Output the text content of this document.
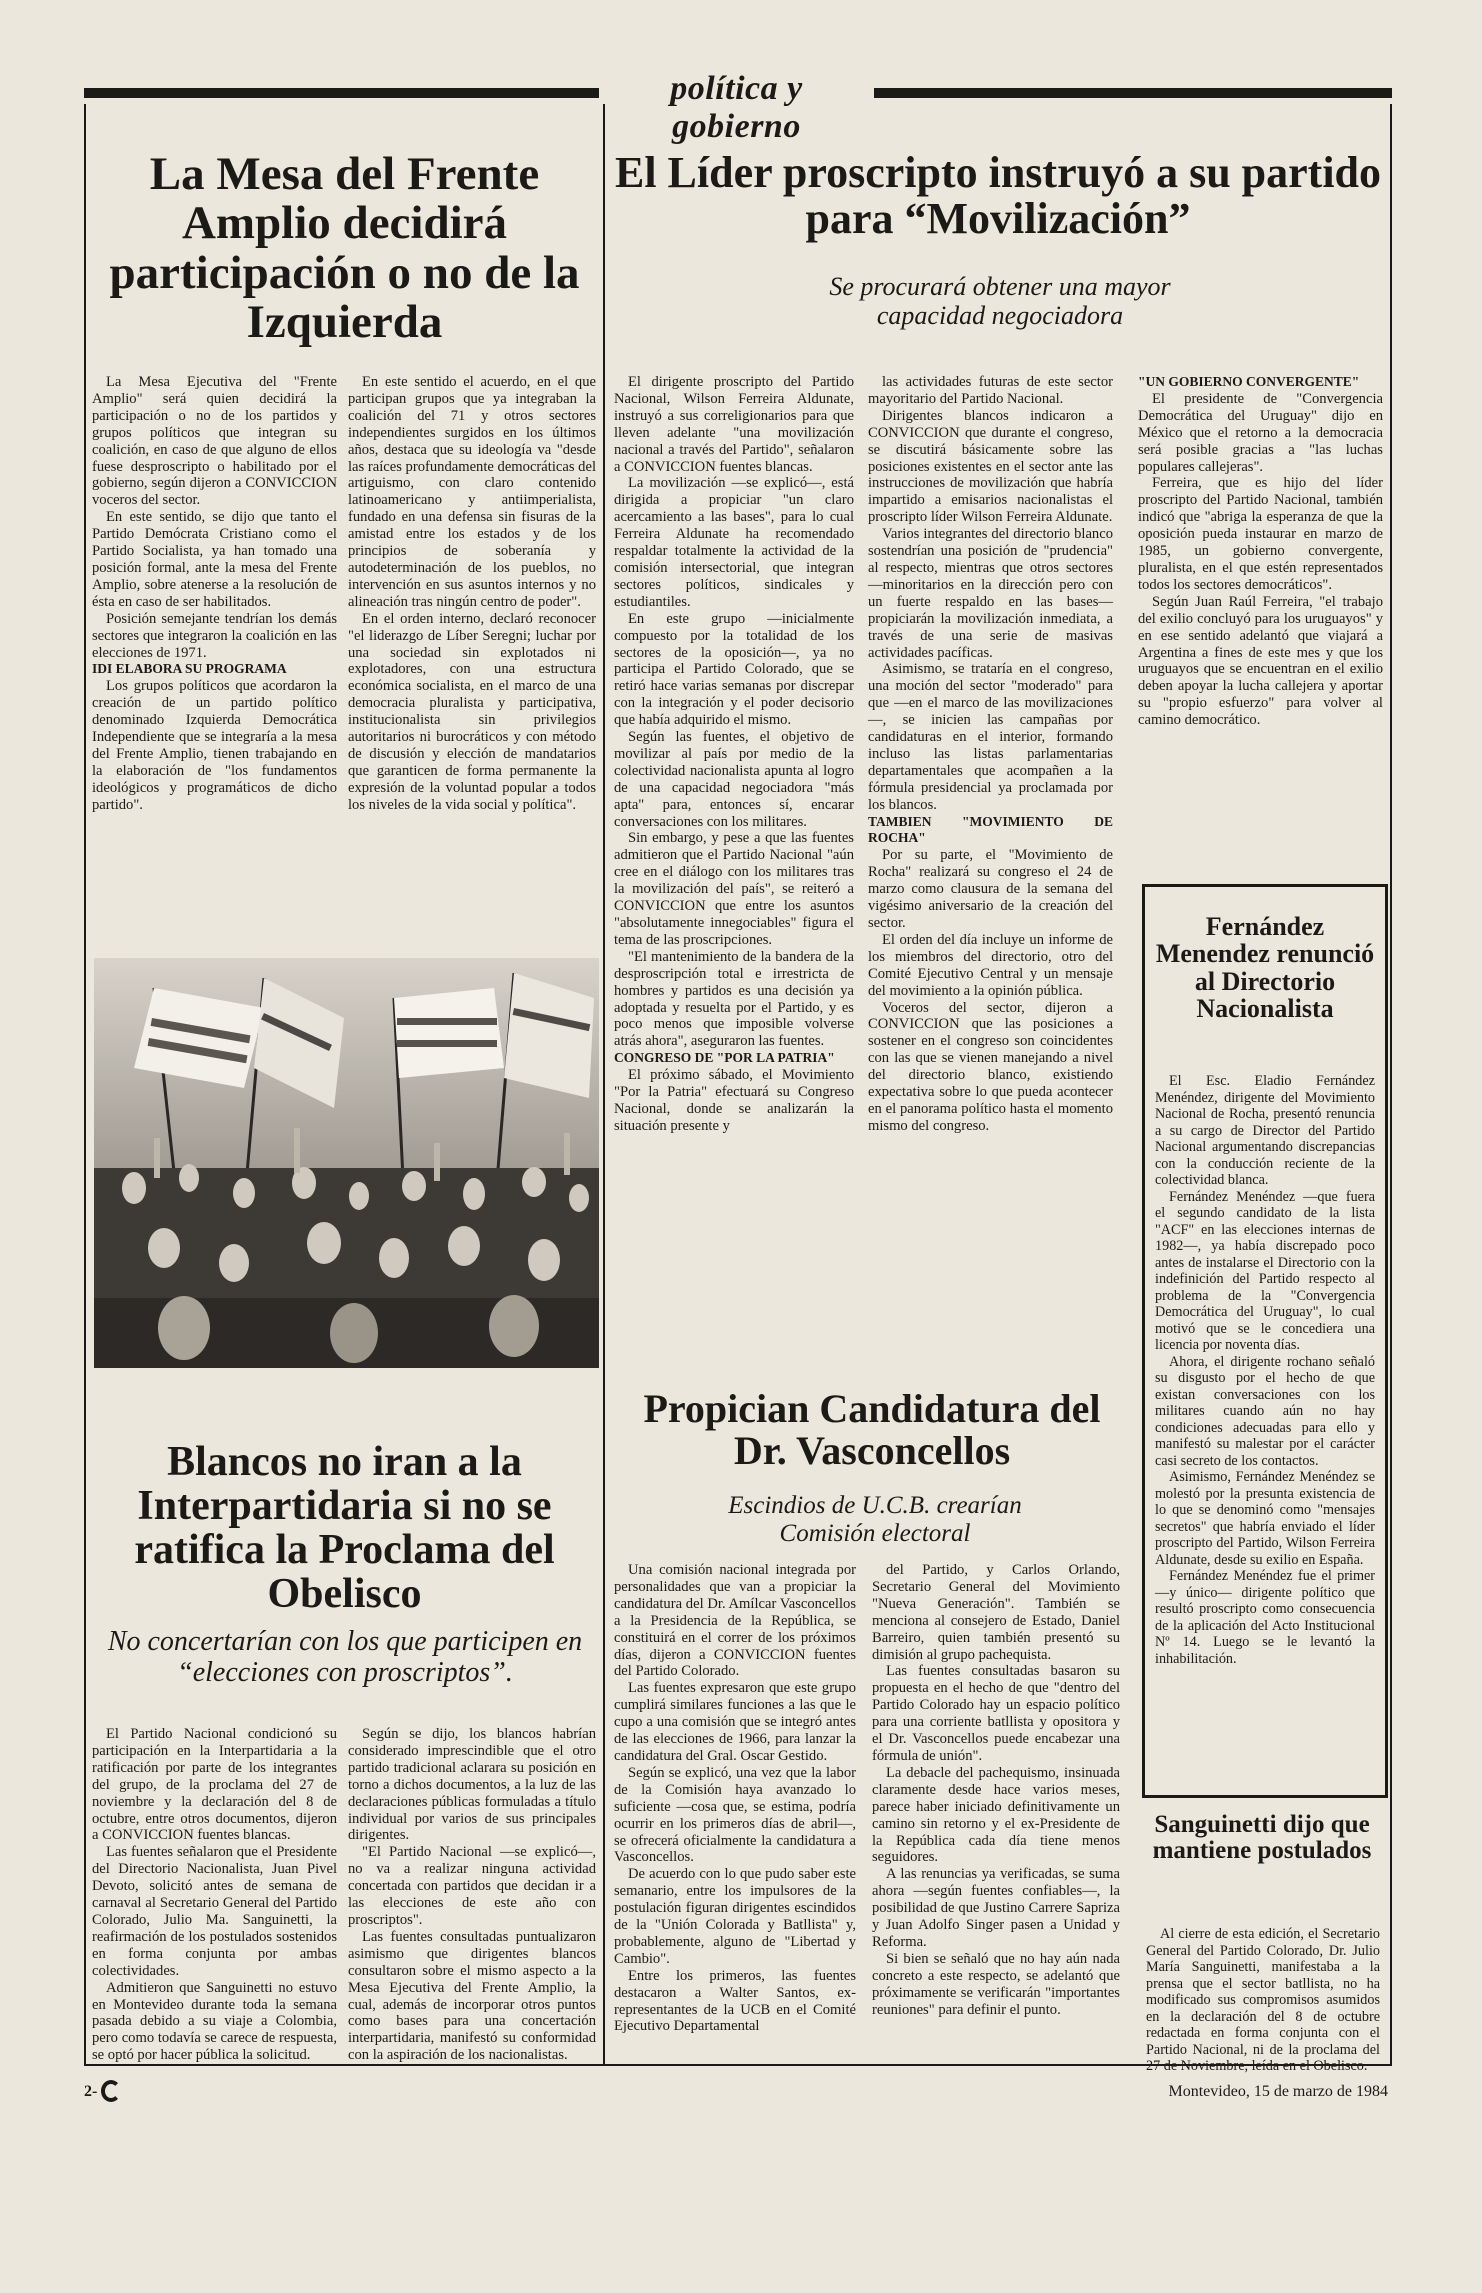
política y gobierno
La Mesa del Frente Amplio decidirá participación o no de la Izquierda

La Mesa Ejecutiva del "Frente Amplio" será quien decidirá la participación o no de los partidos y grupos políticos que integran su coalición, en caso de que alguno de ellos fuese desproscripto o habilitado por el gobierno, según dijeron a CONVICCION voceros del sector.

En este sentido, se dijo que tanto el Partido Demócrata Cristiano como el Partido Socialista, ya han tomado una posición formal, ante la mesa del Frente Amplio, sobre atenerse a la resolución de ésta en caso de ser habilitados.

Posición semejante tendrían los demás sectores que integraron la coalición en las elecciones de 1971.

IDI ELABORA SU PROGRAMA

Los grupos políticos que acordaron la creación de un partido político denominado Izquierda Democrática Independiente que se integraría a la mesa del Frente Amplio, tienen trabajando en la elaboración de "los fundamentos ideológicos y programáticos de dicho partido".

En este sentido el acuerdo, en el que participan grupos que ya integraban la coalición del 71 y otros sectores independientes surgidos en los últimos años, destaca que su ideología va "desde las raíces profundamente democráticas del artiguismo, con claro contenido latinoamericano y antiimperialista, fundado en una defensa sin fisuras de la amistad entre los estados y de los principios de soberanía y autodeterminación de los pueblos, no intervención en sus asuntos internos y no alineación tras ningún centro de poder".

En el orden interno, declaró reconocer "el liderazgo de Líber Seregni; luchar por una sociedad sin explotados ni explotadores, con una estructura económica socialista, en el marco de una democracia pluralista y participativa, institucionalista sin privilegios autoritarios ni burocráticos y con método de discusión y elección de mandatarios que garanticen de forma permanente la expresión de la voluntad popular a todos los niveles de la vida social y política".

Blancos no iran a la Interpartidaria si no se ratifica la Proclama del Obelisco
No concertarían con los que participen en “elecciones con proscriptos”.

El Partido Nacional condicionó su participación en la Interpartidaria a la ratificación por parte de los integrantes del grupo, de la proclama del 27 de noviembre y la declaración del 8 de octubre, entre otros documentos, dijeron a CONVICCION fuentes blancas.

Las fuentes señalaron que el Presidente del Directorio Nacionalista, Juan Pivel Devoto, solicitó antes de semana de carnaval al Secretario General del Partido Colorado, Julio Ma. Sanguinetti, la reafirmación de los postulados sostenidos en forma conjunta por ambas colectividades.

Admitieron que Sanguinetti no estuvo en Montevideo durante toda la semana pasada debido a su viaje a Colombia, pero como todavía se carece de respuesta, se optó por hacer pública la solicitud.

Según se dijo, los blancos habrían considerado imprescindible que el otro partido tradicional aclarara su posición en torno a dichos documentos, a la luz de las declaraciones públicas formuladas a título individual por varios de sus principales dirigentes.

"El Partido Nacional —se explicó—, no va a realizar ninguna actividad concertada con partidos que decidan ir a las elecciones de este año con proscriptos".

Las fuentes consultadas puntualizaron asimismo que dirigentes blancos consultaron sobre el mismo aspecto a la Mesa Ejecutiva del Frente Amplio, la cual, además de incorporar otros puntos como bases para una concertación interpartidaria, manifestó su conformidad con la aspiración de los nacionalistas.

El Líder proscripto instruyó a su partido para “Movilización”
Se procurará obtener una mayor capacidad negociadora

El dirigente proscripto del Partido Nacional, Wilson Ferreira Aldunate, instruyó a sus correligionarios para que lleven adelante "una movilización nacional a través del Partido", señalaron a CONVICCION fuentes blancas.

La movilización —se explicó—, está dirigida a propiciar "un claro acercamiento a las bases", para lo cual Ferreira Aldunate ha recomendado respaldar totalmente la actividad de la comisión intersectorial, que integran sectores políticos, sindicales y estudiantiles.

En este grupo —inicialmente compuesto por la totalidad de los sectores de la oposición—, ya no participa el Partido Colorado, que se retiró hace varias semanas por discrepar con la integración y el poder decisorio que había adquirido el mismo.

Según las fuentes, el objetivo de movilizar al país por medio de la colectividad nacionalista apunta al logro de una capacidad negociadora "más apta" para, entonces sí, encarar conversaciones con los militares.

Sin embargo, y pese a que las fuentes admitieron que el Partido Nacional "aún cree en el diálogo con los militares tras la movilización del país", se reiteró a CONVICCION que entre los asuntos "absolutamente innegociables" figura el tema de las proscripciones.

"El mantenimiento de la bandera de la desproscripción total e irrestricta de hombres y partidos es una decisión ya adoptada y resuelta por el Partido, y es poco menos que imposible volverse atrás ahora", aseguraron las fuentes.

CONGRESO DE "POR LA PATRIA"

El próximo sábado, el Movimiento "Por la Patria" efectuará su Congreso Nacional, donde se analizarán la situación presente y

las actividades futuras de este sector mayoritario del Partido Nacional.

Dirigentes blancos indicaron a CONVICCION que durante el congreso, se discutirá básicamente sobre las posiciones existentes en el sector ante las instrucciones de movilización que habría impartido a emisarios nacionalistas el proscripto líder Wilson Ferreira Aldunate.

Varios integrantes del directorio blanco sostendrían una posición de "prudencia" al respecto, mientras que otros sectores —minoritarios en la dirección pero con un fuerte respaldo en las bases— propiciarán la movilización inmediata, a través de una serie de masivas actividades pacíficas.

Asimismo, se trataría en el congreso, una moción del sector "moderado" para que —en el marco de las movilizaciones—, se inicien las campañas por candidaturas en el interior, formando incluso las listas parlamentarias departamentales que acompañen a la fórmula presidencial ya proclamada por los blancos.

TAMBIEN "MOVIMIENTO DE ROCHA"

Por su parte, el "Movimiento de Rocha" realizará su congreso el 24 de marzo como clausura de la semana del vigésimo aniversario de la creación del sector.

El orden del día incluye un informe de los miembros del directorio, otro del Comité Ejecutivo Central y un mensaje del movimiento a la opinión pública.

Voceros del sector, dijeron a CONVICCION que las posiciones a sostener en el congreso son coincidentes con las que se vienen manejando a nivel del directorio blanco, existiendo expectativa sobre lo que pueda acontecer en el panorama político hasta el momento mismo del congreso.

"UN GOBIERNO CONVERGENTE"

El presidente de "Convergencia Democrática del Uruguay" dijo en México que el retorno a la democracia será posible gracias a "las luchas populares callejeras".

Ferreira, que es hijo del líder proscripto del Partido Nacional, también indicó que "abriga la esperanza de que la oposición pueda instaurar en marzo de 1985, un gobierno convergente, pluralista, en el que estén representados todos los sectores democráticos".

Según Juan Raúl Ferreira, "el trabajo del exilio concluyó para los uruguayos" y en ese sentido adelantó que viajará a Argentina a fines de este mes y que los uruguayos que se encuentran en el exilio deben apoyar la lucha callejera y aportar su "propio esfuerzo" para volver al camino democrático.

Propician Candidatura del Dr. Vasconcellos
Escindios de U.C.B. crearían Comisión electoral

Una comisión nacional integrada por personalidades que van a propiciar la candidatura del Dr. Amílcar Vasconcellos a la Presidencia de la República, se constituirá en el correr de los próximos días, dijeron a CONVICCION fuentes del Partido Colorado.

Las fuentes expresaron que este grupo cumplirá similares funciones a las que le cupo a una comisión que se integró antes de las elecciones de 1966, para lanzar la candidatura del Gral. Oscar Gestido.

Según se explicó, una vez que la labor de la Comisión haya avanzado lo suficiente —cosa que, se estima, podría ocurrir en los primeros días de abril—, se ofrecerá oficialmente la candidatura a Vasconcellos.

De acuerdo con lo que pudo saber este semanario, entre los impulsores de la postulación figuran dirigentes escindidos de la "Unión Colorada y Batllista" y, probablemente, alguno de "Libertad y Cambio".

Entre los primeros, las fuentes destacaron a Walter Santos, ex-representantes de la UCB en el Comité Ejecutivo Departamental

del Partido, y Carlos Orlando, Secretario General del Movimiento "Nueva Generación". También se menciona al consejero de Estado, Daniel Barreiro, quien también presentó su dimisión al grupo pachequista.

Las fuentes consultadas basaron su propuesta en el hecho de que "dentro del Partido Colorado hay un espacio político para una corriente batllista y opositora y el Dr. Vasconcellos puede encabezar una fórmula de unión".

La debacle del pachequismo, insinuada claramente desde hace varios meses, parece haber iniciado definitivamente un camino sin retorno y el ex-Presidente de la República cada día tiene menos seguidores.

A las renuncias ya verificadas, se suma ahora —según fuentes confiables—, la posibilidad de que Justino Carrere Sapriza y Juan Adolfo Singer pasen a Unidad y Reforma.

Si bien se señaló que no hay aún nada concreto a este respecto, se adelantó que próximamente se verificarán "importantes reuniones" para definir el punto.

Fernández Menendez renunció al Directorio Nacionalista

El Esc. Eladio Fernández Menéndez, dirigente del Movimiento Nacional de Rocha, presentó renuncia a su cargo de Director del Partido Nacional argumentando discrepancias con la conducción reciente de la colectividad blanca.

Fernández Menéndez —que fuera el segundo candidato de la lista "ACF" en las elecciones internas de 1982—, ya había discrepado poco antes de instalarse el Directorio con la indefinición del Partido respecto al problema de la "Convergencia Democrática del Uruguay", lo cual motivó que se le concediera una licencia por noventa días.

Ahora, el dirigente rochano señaló su disgusto por el hecho de que existan conversaciones con los militares cuando aún no hay condiciones adecuadas para ello y manifestó su malestar por el carácter casi secreto de los contactos.

Asimismo, Fernández Menéndez se molestó por la presunta existencia de lo que se denominó como "mensajes secretos" que habría enviado el líder proscripto del Partido, Wilson Ferreira Aldunate, desde su exilio en España.

Fernández Menéndez fue el primer —y único— dirigente político que resultó proscripto como consecuencia de la aplicación del Acto Institucional Nº 14. Luego se le levantó la inhabilitación.

Sanguinetti dijo que mantiene postulados

Al cierre de esta edición, el Secretario General del Partido Colorado, Dr. Julio María Sanguinetti, manifestaba a la prensa que el sector batllista, no ha modificado sus compromisos asumidos en la declaración del 8 de octubre redactada en forma conjunta con el Partido Nacional, ni de la proclama del 27 de Noviembre, leída en el Obelisco.

2-	Montevideo, 15 de marzo de 1984
